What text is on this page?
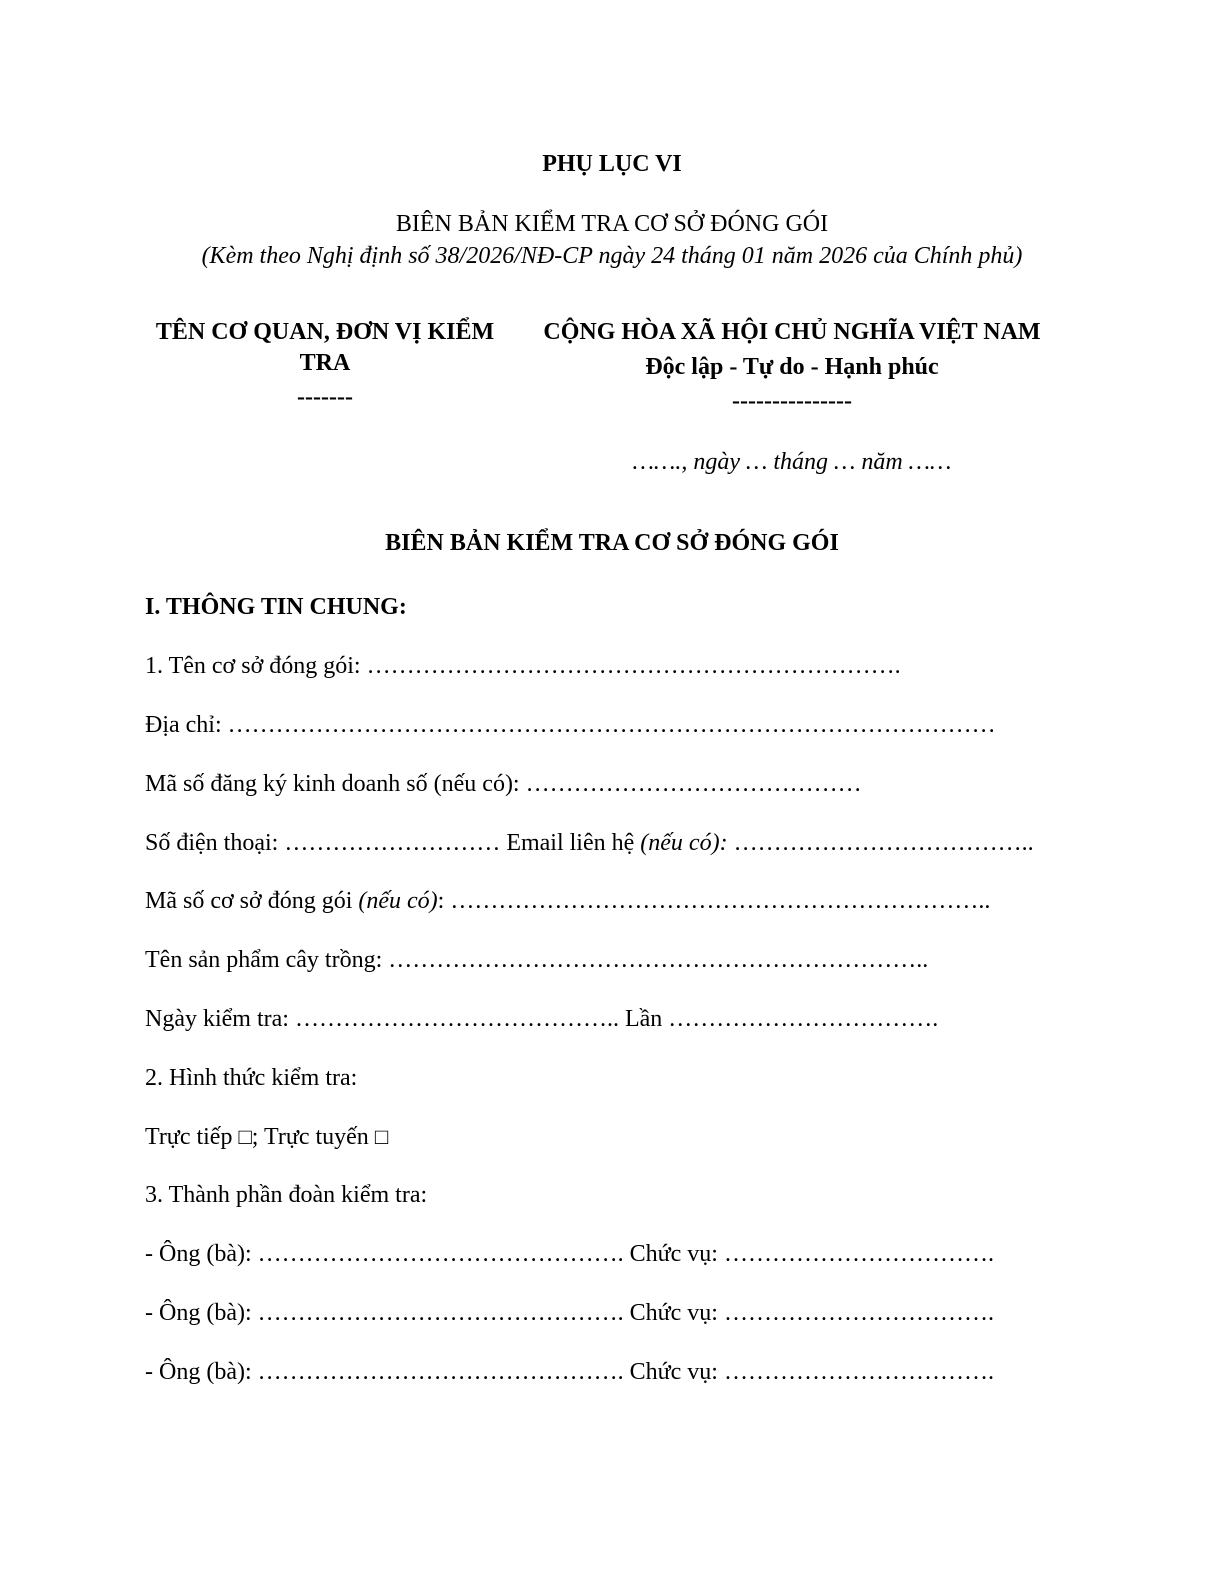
PHỤ LỤC VI

BIÊN BẢN KIỂM TRA CƠ SỞ ĐÓNG GÓI

(Kèm theo Nghị định số 38/2026/NĐ-CP ngày 24 tháng 01 năm 2026 của Chính phủ)

TÊN CƠ QUAN, ĐƠN VỊ KIỂM TRA
-------
CỘNG HÒA XÃ HỘI CHỦ NGHĨA VIỆT NAM
Độc lập - Tự do - Hạnh phúc
---------------
……., ngày … tháng … năm ……
BIÊN BẢN KIỂM TRA CƠ SỞ ĐÓNG GÓI
I. THÔNG TIN CHUNG:

1. Tên cơ sở đóng gói: ………………………………………………………….

Địa chỉ: ……………………………………………………………………………………

Mã số đăng ký kinh doanh số (nếu có): ……………………………………

Số điện thoại: ……………………… Email liên hệ (nếu có): ………………………………..

Mã số cơ sở đóng gói (nếu có): …………………………………………………………..

Tên sản phẩm cây trồng: …………………………………………………………..

Ngày kiểm tra: ………………………………….. Lần …………………………….

2. Hình thức kiểm tra:

Trực tiếp □; Trực tuyến □

3. Thành phần đoàn kiểm tra:

- Ông (bà): ………………………………………. Chức vụ: …………………………….

- Ông (bà): ………………………………………. Chức vụ: …………………………….

- Ông (bà): ………………………………………. Chức vụ: …………………………….
